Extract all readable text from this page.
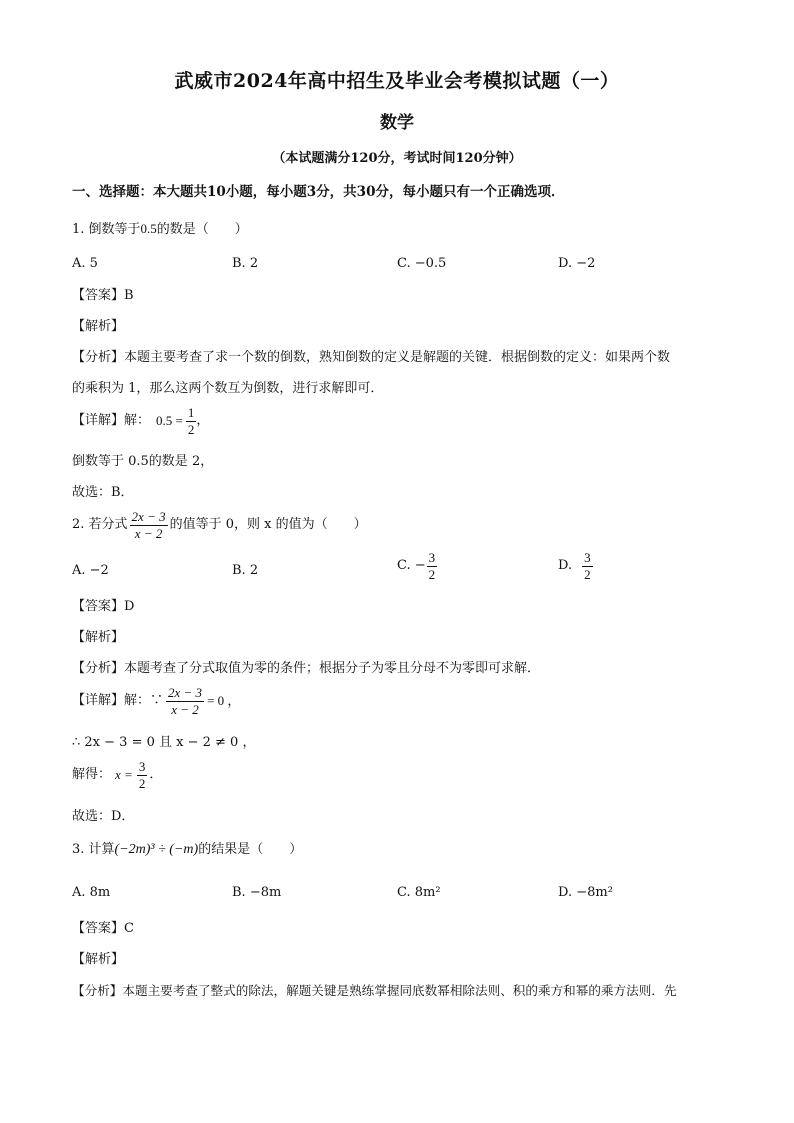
武威市2024年高中招生及毕业会考模拟试题（一）
数学
（本试题满分120分，考试时间120分钟）
一、选择题：本大题共10小题，每小题3分，共30分，每小题只有一个正确选项．
1. 倒数等于0.5的数是（　　）
A. 5	B. 2	C. −0.5	D. −2
【答案】B
【解析】
【分析】本题主要考查了求一个数的倒数，熟知倒数的定义是解题的关键．根据倒数的定义：如果两个数
的乘积为 1，那么这两个数互为倒数，进行求解即可．
【详解】解： $0.5 = \frac{1}{2}$ ，
倒数等于 0.5的数是 2，
故选：B．
2. 若分式 $\frac{2x - 3}{x - 2}$ 的值等于 0，则 x 的值为（　　）
A. −2	B. 2	C. − $\frac{3}{2}$	D. $\frac{3}{2}$
【答案】D
【解析】
【分析】本题考查了分式取值为零的条件；根据分子为零且分母不为零即可求解．
【详解】解：∵ $\frac{2x - 3}{x - 2} = 0$ ，
∴ 2x − 3 = 0 且 x − 2 ≠ 0 ，
解得： $x = \frac{3}{2}$ ．
故选：D．
3. 计算(−2m)³ ÷ (−m)的结果是（　　）
A. 8m	B. −8m	C. 8m²	D. −8m²
【答案】C
【解析】
【分析】本题主要考查了整式的除法，解题关键是熟练掌握同底数幂相除法则、积的乘方和幂的乘方法则．先
